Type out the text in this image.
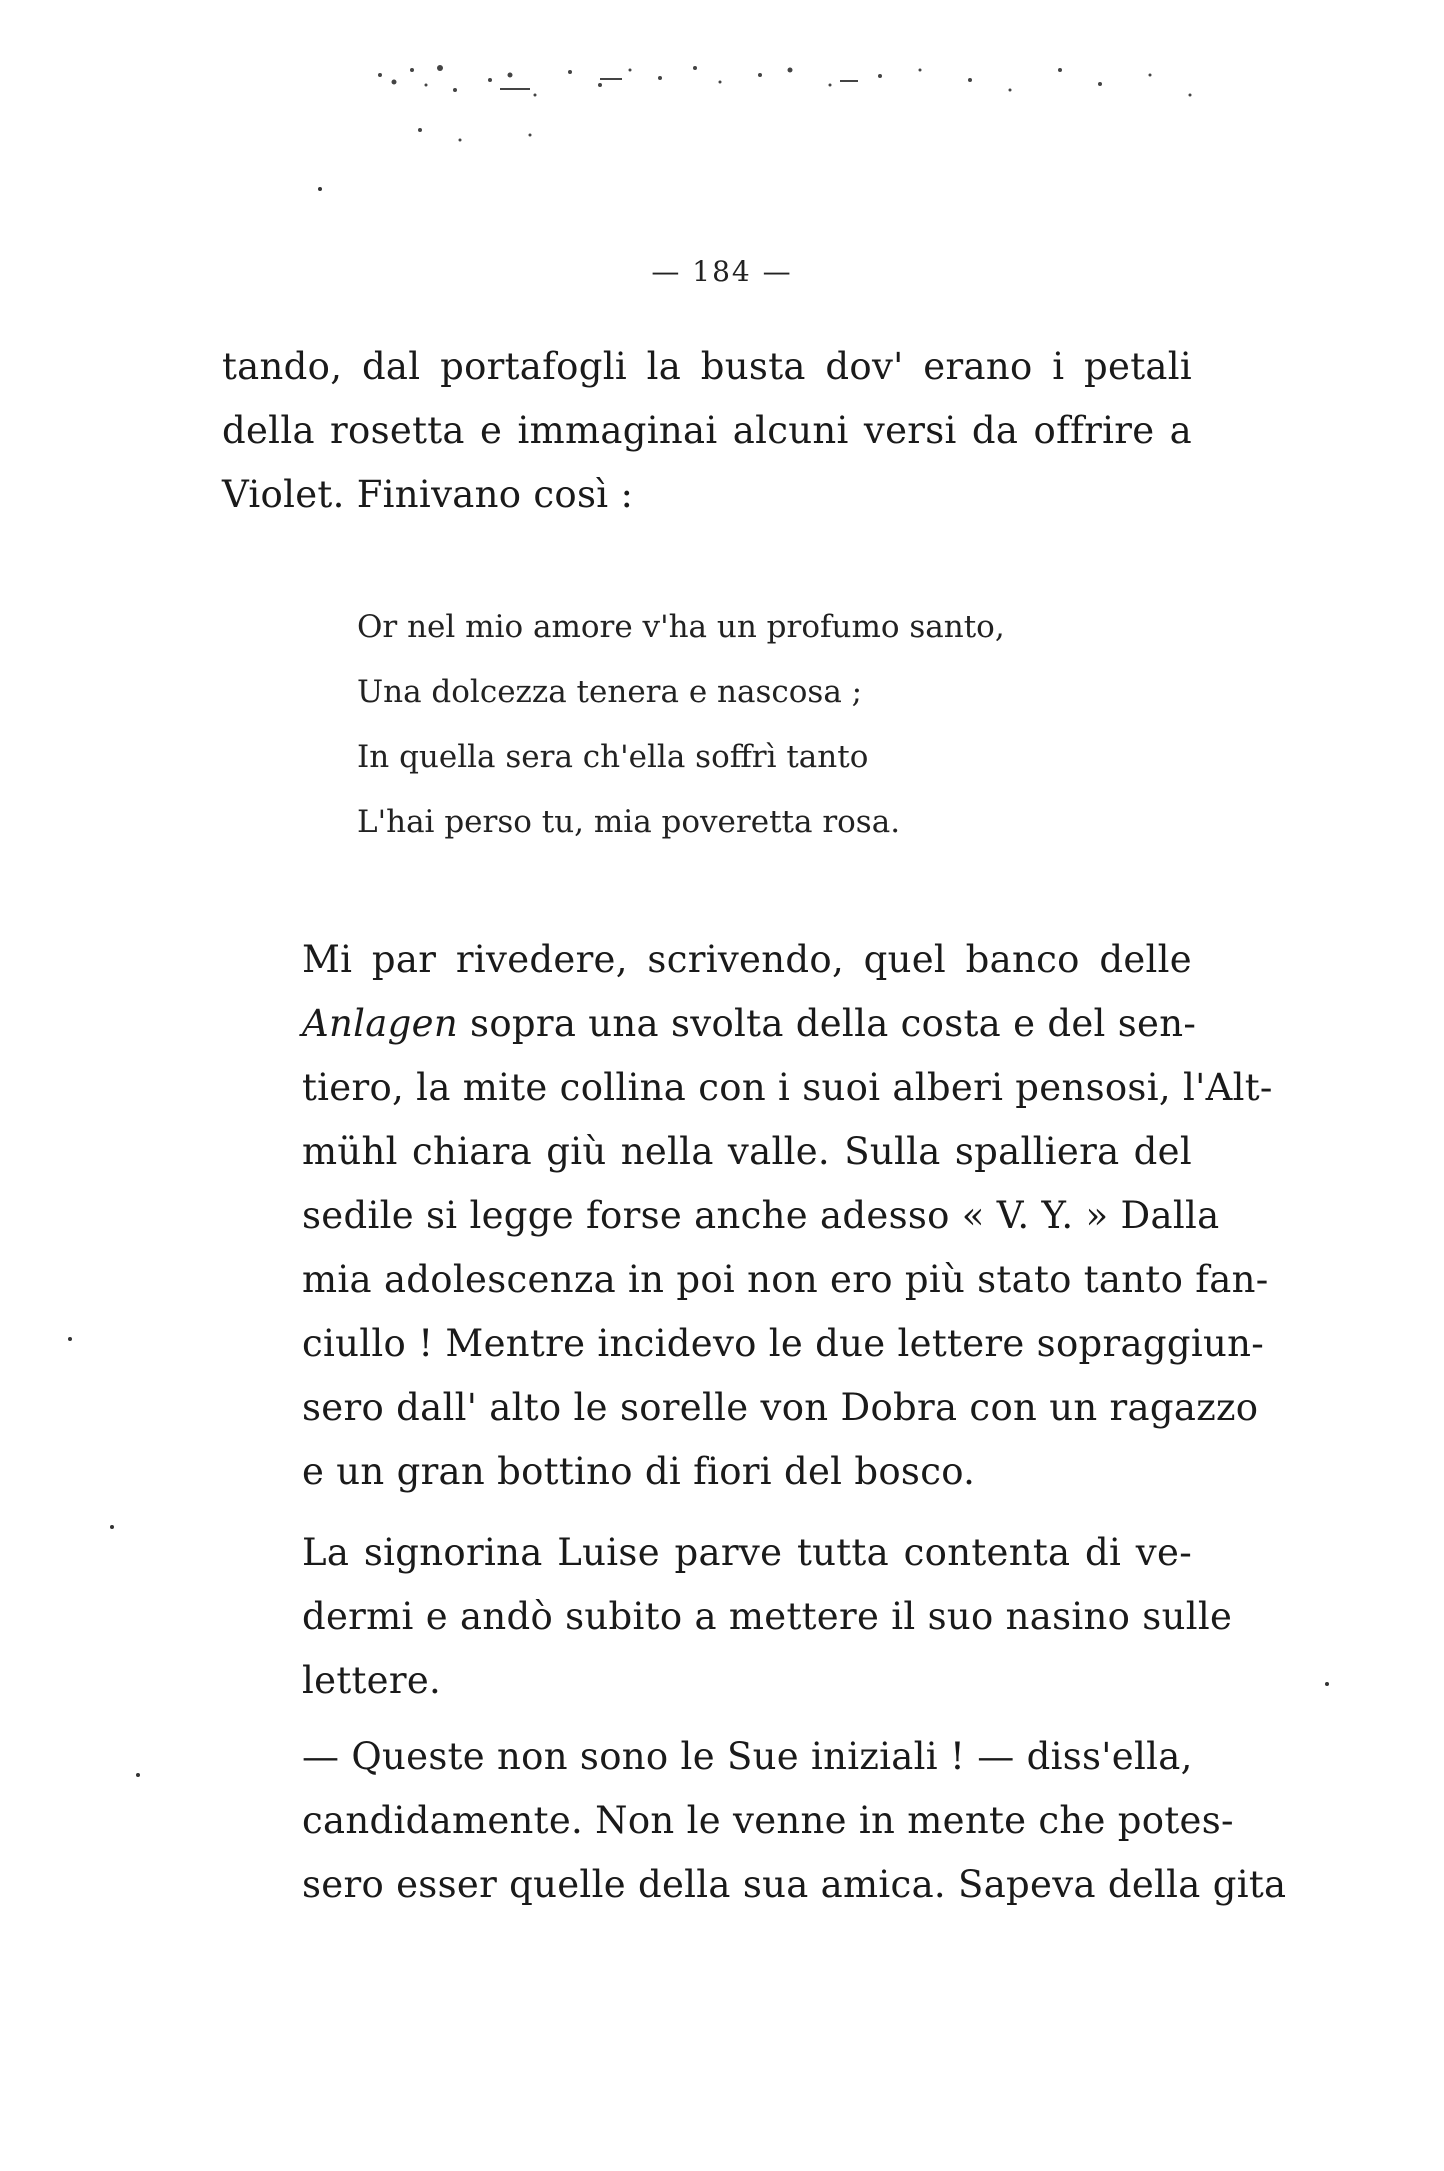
— 184 —
tando, dal portafogli la busta dov' erano i petali
della rosetta e immaginai alcuni versi da offrire a
Violet. Finivano così :
Or nel mio amore v'ha un profumo santo,
Una dolcezza tenera e nascosa ;
In quella sera ch'ella soffrì tanto
L'hai perso tu, mia poveretta rosa.
Mi par rivedere, scrivendo, quel banco delle
Anlagen sopra una svolta della costa e del sen-
tiero, la mite collina con i suoi alberi pensosi, l'Alt-
mühl chiara giù nella valle. Sulla spalliera del
sedile si legge forse anche adesso « V. Y. » Dalla
mia adolescenza in poi non ero più stato tanto fan-
ciullo ! Mentre incidevo le due lettere sopraggiun-
sero dall' alto le sorelle von Dobra con un ragazzo
e un gran bottino di fiori del bosco.
La signorina Luise parve tutta contenta di ve-
dermi e andò subito a mettere il suo nasino sulle
lettere.
— Queste non sono le Sue iniziali ! — diss'ella,
candidamente. Non le venne in mente che potes-
sero esser quelle della sua amica. Sapeva della gita
